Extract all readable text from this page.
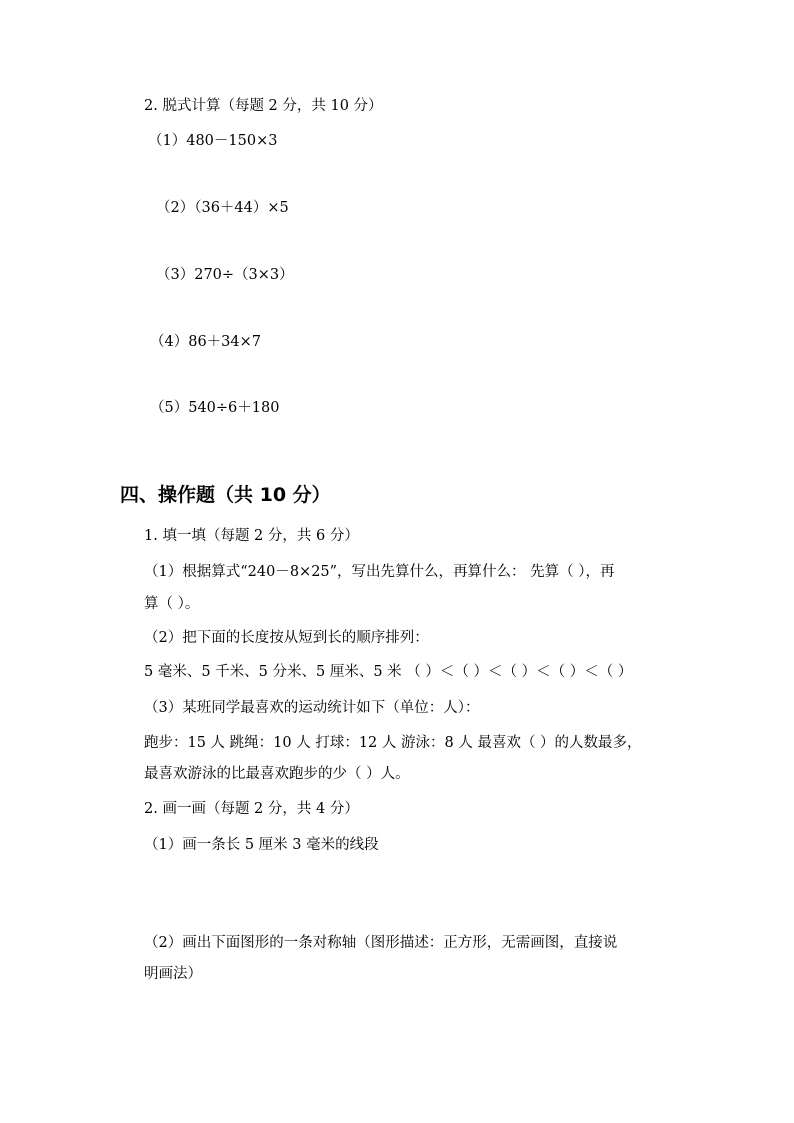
2. 脱式计算（每题 2 分，共 10 分）
（1）480－150×3
（2）（36＋44）×5
（3）270÷（3×3）
（4）86＋34×7
（5）540÷6＋180
四、操作题（共 10 分）
1. 填一填（每题 2 分，共 6 分）
（1）根据算式“240－8×25”，写出先算什么，再算什么： 先算（ ），再
算（ ）。
（2）把下面的长度按从短到长的顺序排列：
5 毫米、5 千米、5 分米、5 厘米、5 米 （ ）＜（ ）＜（ ）＜（ ）＜（ ）
（3）某班同学最喜欢的运动统计如下（单位：人）：
跑步：15 人 跳绳：10 人 打球：12 人 游泳：8 人 最喜欢（ ）的人数最多，
最喜欢游泳的比最喜欢跑步的少（ ）人。
2. 画一画（每题 2 分，共 4 分）
（1）画一条长 5 厘米 3 毫米的线段
（2）画出下面图形的一条对称轴（图形描述：正方形，无需画图，直接说
明画法）
